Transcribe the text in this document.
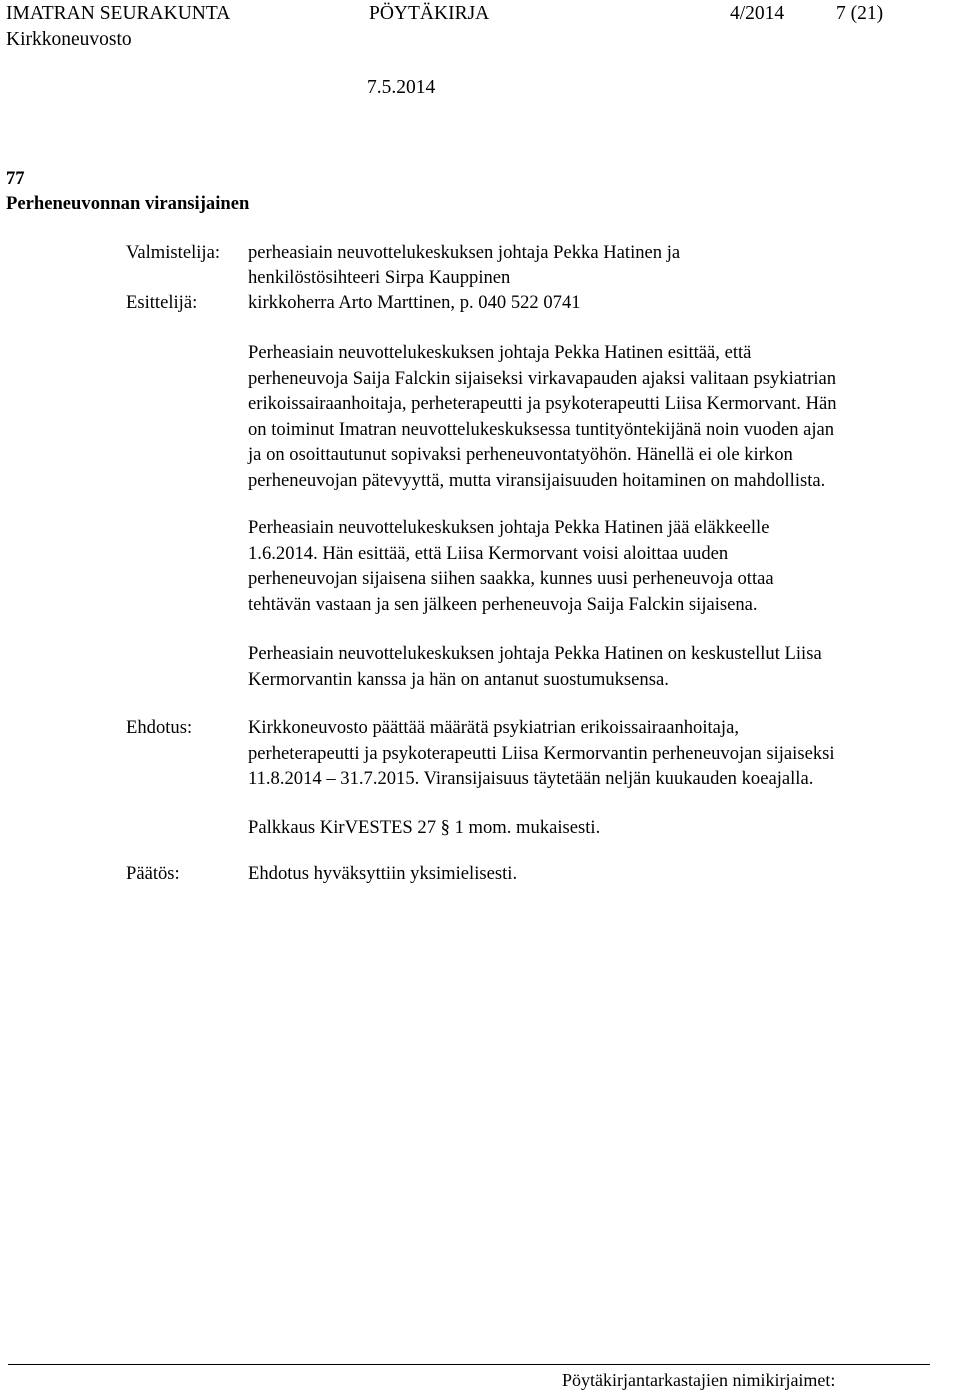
IMATRAN SEURAKUNTA	PÖYTÄKIRJA	4/2014	7 (21)
Kirkkoneuvosto
7.5.2014
77
Perheneuvonnan viransijainen
Valmistelija: perheasiain neuvottelukeskuksen johtaja Pekka Hatinen ja
henkilöstösihteeri Sirpa Kauppinen
Esittelijä:	kirkkoherra Arto Marttinen, p. 040 522 0741
Perheasiain neuvottelukeskuksen johtaja Pekka Hatinen esittää, että
perheneuvoja Saija Falckin sijaiseksi virkavapauden ajaksi valitaan psykiatrian
erikoissairaanhoitaja, perheterapeutti ja psykoterapeutti Liisa Kermorvant. Hän
on toiminut Imatran neuvottelukeskuksessa tuntityöntekijänä noin vuoden ajan
ja on osoittautunut sopivaksi perheneuvontatyöhön. Hänellä ei ole kirkon
perheneuvojan pätevyyttä, mutta viransijaisuuden hoitaminen on mahdollista.
Perheasiain neuvottelukeskuksen johtaja Pekka Hatinen jää eläkkeelle
1.6.2014. Hän esittää, että Liisa Kermorvant voisi aloittaa uuden
perheneuvojan sijaisena siihen saakka, kunnes uusi perheneuvoja ottaa
tehtävän vastaan ja sen jälkeen perheneuvoja Saija Falckin sijaisena.
Perheasiain neuvottelukeskuksen johtaja Pekka Hatinen on keskustellut Liisa
Kermorvantin kanssa ja hän on antanut suostumuksensa.
Ehdotus:	Kirkkoneuvosto päättää määrätä psykiatrian erikoissairaanhoitaja,
perheterapeutti ja psykoterapeutti Liisa Kermorvantin perheneuvojan sijaiseksi
11.8.2014 – 31.7.2015. Viransijaisuus täytetään neljän kuukauden koeajalla.
Palkkaus KirVESTES 27 § 1 mom. mukaisesti.
Päätös:	Ehdotus hyväksyttiin yksimielisesti.
Pöytäkirjantarkastajien nimikirjaimet:
